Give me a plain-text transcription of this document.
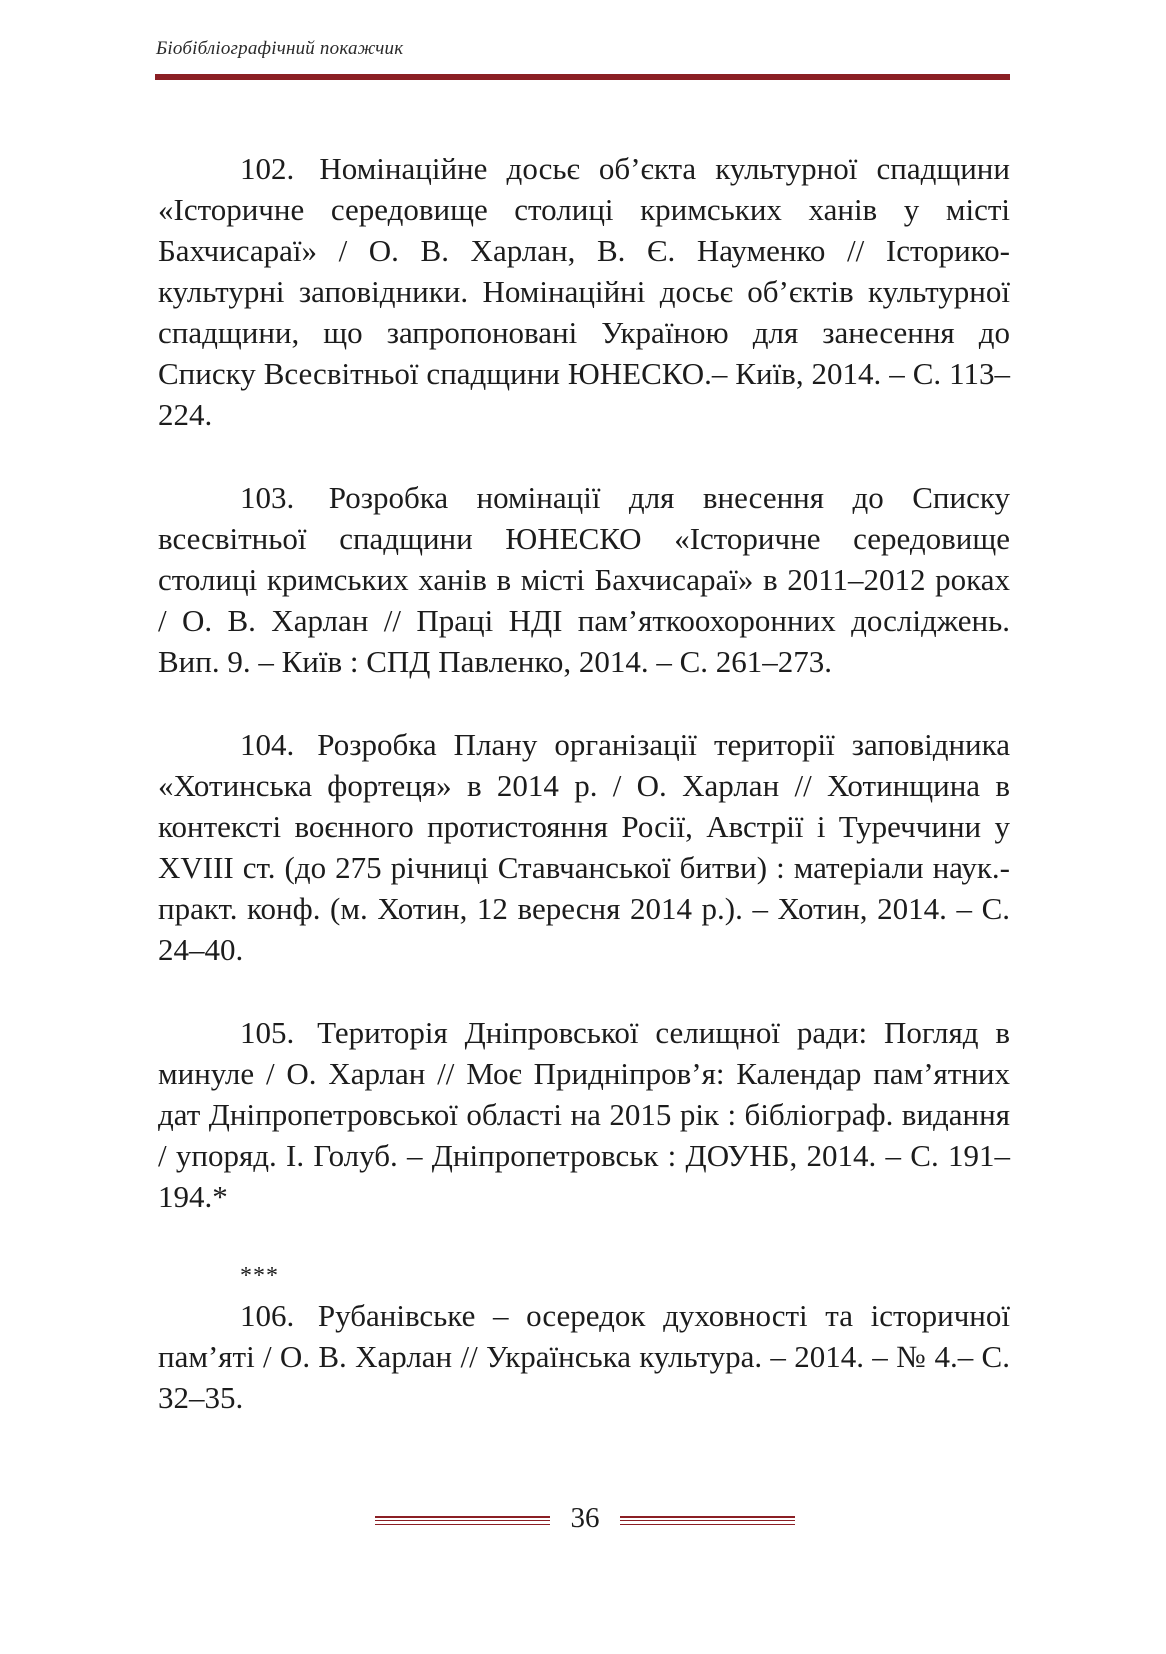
Біобібліографічний покажчик

102. Номінаційне досьє об’єкта культурної спадщини «Історичне середовище столиці кримських ханів у місті Бахчисараї» / О. В. Харлан, В. Є. Науменко // Історико-культурні заповідники. Номінаційні досьє об’єктів культурної спадщини, що запропоновані Україною для занесення до Списку Всесвітньої спадщини ЮНЕСКО.– Київ, 2014. – С. 113–224.

103. Розробка номінації для внесення до Списку всесвітньої спадщини ЮНЕСКО «Історичне середовище столиці кримських ханів в місті Бахчисараї» в 2011–2012 роках / О. В. Харлан // Праці НДІ пам’яткоохоронних досліджень. Вип. 9. – Київ : СПД Павленко, 2014. – С. 261–273.

104. Розробка Плану організації території заповідника «Хотинська фортеця» в 2014 р. / О. Харлан // Хотинщина в контексті воєнного протистояння Росії, Австрії і Туреччини у XVIII ст. (до 275 річниці Ставчанської битви) : матеріали наук.-практ. конф. (м. Хотин, 12 вересня 2014 р.). – Хотин, 2014. – С. 24–40.

105. Територія Дніпровської селищної ради: Погляд в минуле / О. Харлан // Моє Придніпров’я: Календар пам’ятних дат Дніпропетровської області на 2015 рік : бібліограф. видання / упоряд. І. Голуб. – Дніпропетровськ : ДОУНБ, 2014. – С. 191–194.*

***

106. Рубанівське – осередок духовності та історичної пам’яті / О. В. Харлан // Українська культура. – 2014. – № 4.– С. 32–35.

36
